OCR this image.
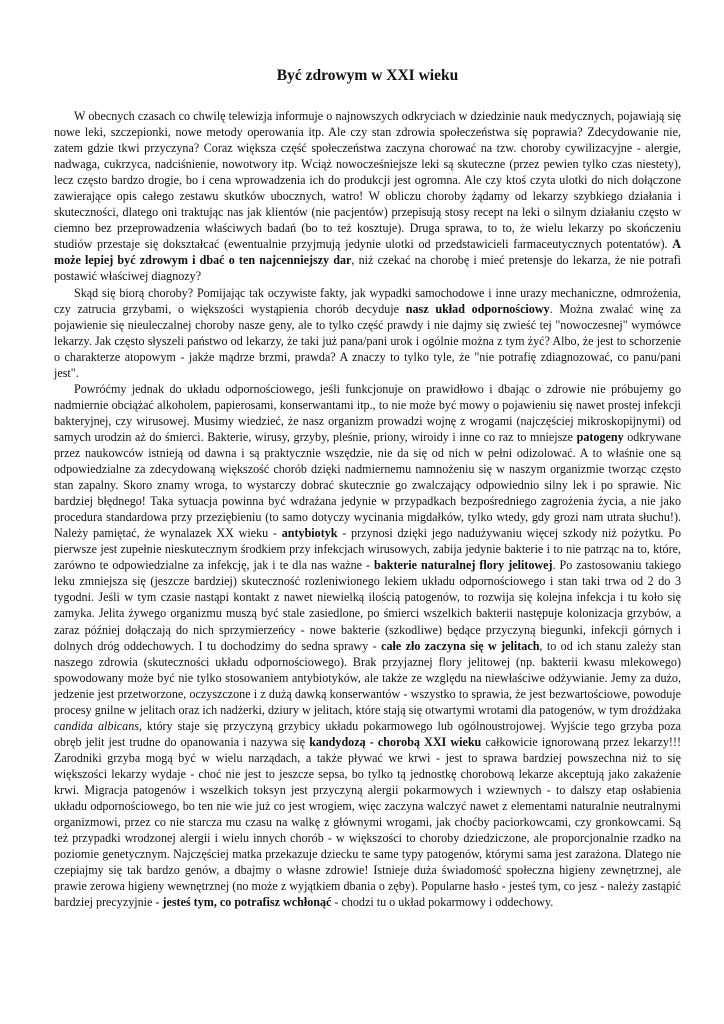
Być zdrowym w XXI wieku

W obecnych czasach co chwilę telewizja informuje o najnowszych odkryciach w dziedzinie nauk medycznych, pojawiają się nowe leki, szczepionki, nowe metody operowania itp. Ale czy stan zdrowia społeczeństwa się poprawia? Zdecydowanie nie, zatem gdzie tkwi przyczyna? Coraz większa część społeczeństwa zaczyna chorować na tzw. choroby cywilizacyjne - alergie, nadwaga, cukrzyca, nadciśnienie, nowotwory itp. Wciąż nowocześniejsze leki są skuteczne (przez pewien tylko czas niestety), lecz często bardzo drogie, bo i cena wprowadzenia ich do produkcji jest ogromna. Ale czy ktoś czyta ulotki do nich dołączone zawierające opis całego zestawu skutków ubocznych, watro! W obliczu choroby żądamy od lekarzy szybkiego działania i skuteczności, dlatego oni traktując nas jak klientów (nie pacjentów) przepisują stosy recept na leki o silnym działaniu często w ciemno bez przeprowadzenia właściwych badań (bo to też kosztuje). Druga sprawa, to to, że wielu lekarzy po skończeniu studiów przestaje się dokształcać (ewentualnie przyjmują jedynie ulotki od przedstawicieli farmaceutycznych potentatów). A może lepiej być zdrowym i dbać o ten najcenniejszy dar, niż czekać na chorobę i mieć pretensje do lekarza, że nie potrafi postawić właściwej diagnozy?

Skąd się biorą choroby? Pomijając tak oczywiste fakty, jak wypadki samochodowe i inne urazy mechaniczne, odmrożenia, czy zatrucia grzybami, o większości wystąpienia chorób decyduje nasz układ odpornościowy. Można zwalać winę za pojawienie się nieuleczalnej choroby nasze geny, ale to tylko część prawdy i nie dajmy się zwieść tej "nowoczesnej" wymówce lekarzy. Jak często słyszeli państwo od lekarzy, że taki już pana/pani urok i ogólnie można z tym żyć? Albo, że jest to schorzenie o charakterze atopowym - jakże mądrze brzmi, prawda? A znaczy to tylko tyle, że "nie potrafię zdiagnozować, co panu/pani jest".

Powróćmy jednak do układu odpornościowego, jeśli funkcjonuje on prawidłowo i dbając o zdrowie nie próbujemy go nadmiernie obciążać alkoholem, papierosami, konserwantami itp., to nie może być mowy o pojawieniu się nawet prostej infekcji bakteryjnej, czy wirusowej. Musimy wiedzieć, że nasz organizm prowadzi wojnę z wrogami (najczęściej mikroskopijnymi) od samych urodzin aż do śmierci. Bakterie, wirusy, grzyby, pleśnie, priony, wiroidy i inne co raz to mniejsze patogeny odkrywane przez naukowców istnieją od dawna i są praktycznie wszędzie, nie da się od nich w pełni odizolować. A to właśnie one są odpowiedzialne za zdecydowaną większość chorób dzięki nadmiernemu namnożeniu się w naszym organizmie tworząc często stan zapalny. Skoro znamy wroga, to wystarczy dobrać skutecznie go zwalczający odpowiednio silny lek i po sprawie. Nic bardziej błędnego! Taka sytuacja powinna być wdrażana jedynie w przypadkach bezpośredniego zagrożenia życia, a nie jako procedura standardowa przy przeziębieniu (to samo dotyczy wycinania migdałków, tylko wtedy, gdy grozi nam utrata słuchu!). Należy pamiętać, że wynalazek XX wieku - antybiotyk - przynosi dzięki jego nadużywaniu więcej szkody niż pożytku. Po pierwsze jest zupełnie nieskutecznym środkiem przy infekcjach wirusowych, zabija jedynie bakterie i to nie patrząc na to, które, zarówno te odpowiedzialne za infekcję, jak i te dla nas ważne - bakterie naturalnej flory jelitowej. Po zastosowaniu takiego leku zmniejsza się (jeszcze bardziej) skuteczność rozleniwionego lekiem układu odpornościowego i stan taki trwa od 2 do 3 tygodni. Jeśli w tym czasie nastąpi kontakt z nawet niewielką ilością patogenów, to rozwija się kolejna infekcja i tu koło się zamyka. Jelita żywego organizmu muszą być stale zasiedlone, po śmierci wszelkich bakterii następuje kolonizacja grzybów, a zaraz później dołączają do nich sprzymierzeńcy - nowe bakterie (szkodliwe) będące przyczyną biegunki, infekcji górnych i dolnych dróg oddechowych. I tu dochodzimy do sedna sprawy - całe zło zaczyna się w jelitach, to od ich stanu zależy stan naszego zdrowia (skuteczności układu odpornościowego). Brak przyjaznej flory jelitowej (np. bakterii kwasu mlekowego) spowodowany może być nie tylko stosowaniem antybiotyków, ale także ze względu na niewłaściwe odżywianie. Jemy za dużo, jedzenie jest przetworzone, oczyszczone i z dużą dawką konserwantów - wszystko to sprawia, że jest bezwartościowe, powoduje procesy gnilne w jelitach oraz ich nadżerki, dziury w jelitach, które stają się otwartymi wrotami dla patogenów, w tym drożdżaka candida albicans, który staje się przyczyną grzybicy układu pokarmowego lub ogólnoustrojowej. Wyjście tego grzyba poza obręb jelit jest trudne do opanowania i nazywa się kandydozą - chorobą XXI wieku całkowicie ignorowaną przez lekarzy!!! Zarodniki grzyba mogą być w wielu narządach, a także pływać we krwi - jest to sprawa bardziej powszechna niż to się większości lekarzy wydaje - choć nie jest to jeszcze sepsa, bo tylko tą jednostkę chorobową lekarze akceptują jako zakażenie krwi. Migracja patogenów i wszelkich toksyn jest przyczyną alergii pokarmowych i wziewnych - to dalszy etap osłabienia układu odpornościowego, bo ten nie wie już co jest wrogiem, więc zaczyna walczyć nawet z elementami naturalnie neutralnymi organizmowi, przez co nie starcza mu czasu na walkę z głównymi wrogami, jak choćby paciorkowcami, czy gronkowcami. Są też przypadki wrodzonej alergii i wielu innych chorób - w większości to choroby dziedziczone, ale proporcjonalnie rzadko na poziomie genetycznym. Najczęściej matka przekazuje dziecku te same typy patogenów, którymi sama jest zarażona. Dlatego nie czepiajmy się tak bardzo genów, a dbajmy o własne zdrowie! Istnieje duża świadomość społeczna higieny zewnętrznej, ale prawie zerowa higieny wewnętrznej (no może z wyjątkiem dbania o zęby). Popularne hasło - jesteś tym, co jesz - należy zastąpić bardziej precyzyjnie - jesteś tym, co potrafisz wchłonąć - chodzi tu o układ pokarmowy i oddechowy.
